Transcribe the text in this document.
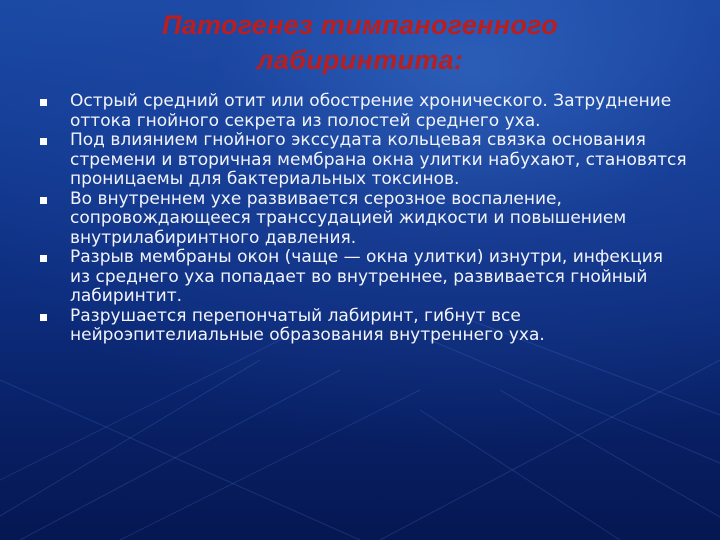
Патогенез тимпаногенного лабиринтита:
Острый средний отит или обострение хронического. Затруднение оттока гнойного секрета из полостей среднего уха.
Под влиянием гнойного экссудата кольцевая связка основания стремени и вторичная мембрана окна улитки набухают, становятся проницаемы для бактериальных токсинов.
Во внутреннем ухе развивается серозное воспаление, сопровождающееся транссудацией жидкости и повышением внутрилабиринтного давления.
Разрыв мембраны окон (чаще — окна улитки) изнутри, инфекция из среднего уха попадает во внутреннее, развивается гнойный лабиринтит.
Разрушается перепончатый лабиринт, гибнут все нейроэпителиальные образования внутреннего уха.
